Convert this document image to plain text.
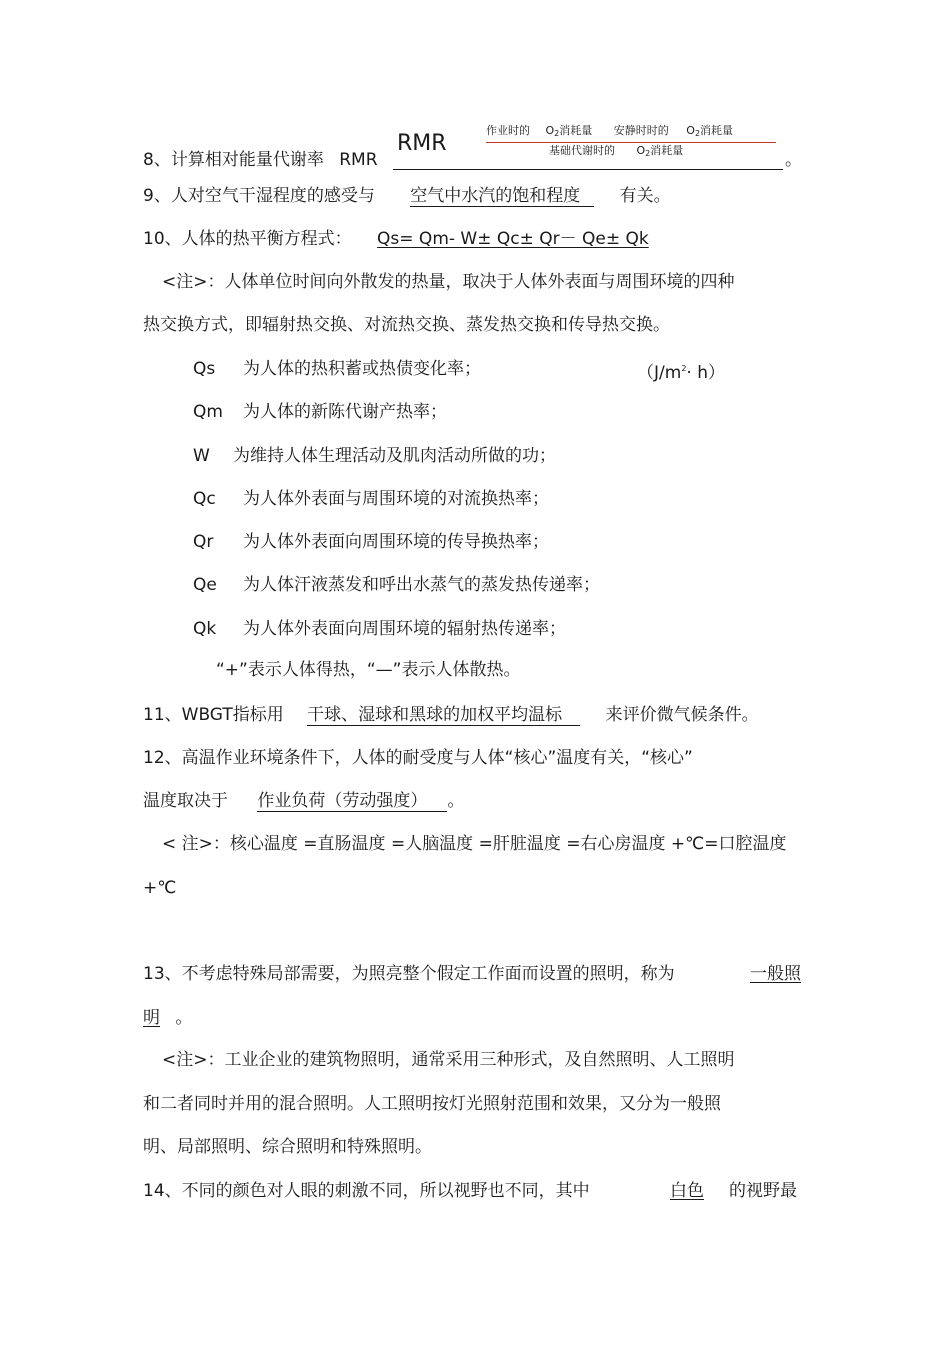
8、计算相对能量代谢率 RMR
RMR
作业时的 $O_2$消耗量 安静时时的 $O_2$消耗量
基础代谢时的 $O_2$消耗量	。
9、人对空气干湿程度的感受与 空气中水汽的饱和程度 有关。
10、人体的热平衡方程式： Qs= Qm- W± Qc± Qr－ Qe± Qk
<注>：人体单位时间向外散发的热量，取决于人体外表面与周围环境的四种
热交换方式，即辐射热交换、对流热交换、蒸发热交换和传导热交换。
Qs 为人体的热积蓄或热债变化率；	$(J/m^2\cdot h)$
Qm 为人体的新陈代谢产热率；
W 为维持人体生理活动及肌肉活动所做的功；
Qc 为人体外表面与周围环境的对流换热率；
Qr 为人体外表面向周围环境的传导换热率；
Qe 为人体汗液蒸发和呼出水蒸气的蒸发热传递率；
Qk 为人体外表面向周围环境的辐射热传递率；
“+”表示人体得热，“—”表示人体散热。
11、WBGT指标用 干球、湿球和黑球的加权平均温标	来评价微气候条件。
12、高温作业环境条件下，人体的耐受度与人体“核心”温度有关，“核心”
温度取决于 作业负荷（劳动强度） 。
< 注>：核心温度 =直肠温度 =人脑温度 =肝脏温度 =右心房温度 +℃=口腔温度
+℃
13、不考虑特殊局部需要，为照亮整个假定工作面而设置的照明，称为	一般照
明 。
<注>：工业企业的建筑物照明，通常采用三种形式，及自然照明、人工照明
和二者同时并用的混合照明。人工照明按灯光照射范围和效果，又分为一般照
明、局部照明、综合照明和特殊照明。
14、不同的颜色对人眼的刺激不同，所以视野也不同，其中	白色 的视野最
